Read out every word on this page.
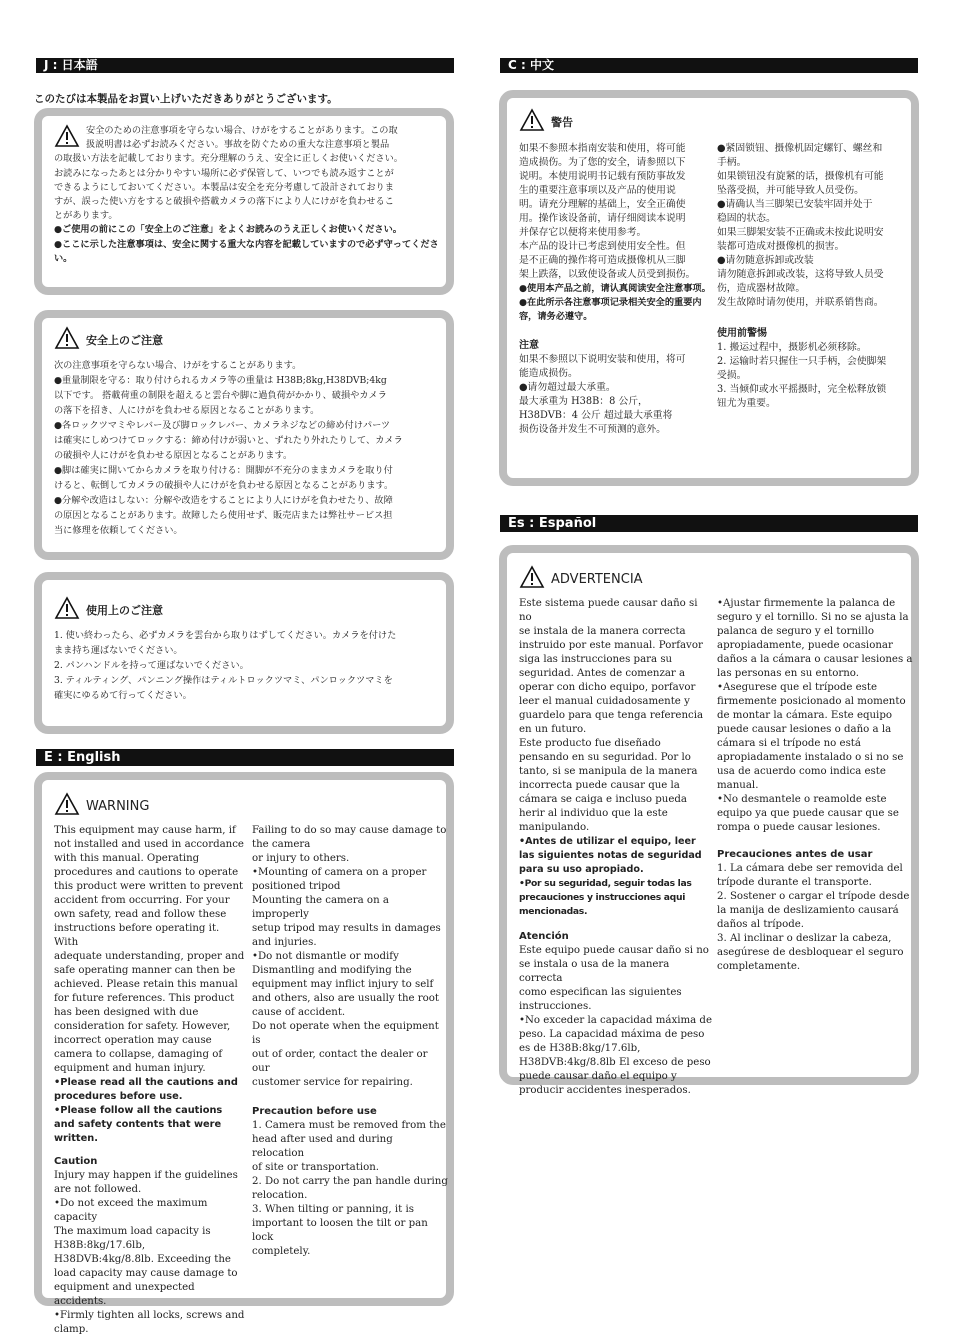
J : 日本語
このたびは本製品をお買い上げいただきありがとうございます。
安全のための注意事項を守らない場合、けがをすることがあります。この取
扱説明書は必ずお読みください。事故を防ぐための重大な注意事項と製品
の取扱い方法を記載しております。充分理解のうえ、安全に正しくお使いください。
お読みになったあとは分かりやすい場所に必ず保管して、いつでも読み返すことが
できるようにしておいてください。本製品は安全を充分考慮して設計されておりま
すが、誤った使い方をすると破損や搭載カメラの落下により人にけがを負わせるこ
とがあります。
●ご使用の前にこの「安全上のご注意」をよくお読みのうえ正しくお使いください。
●ここに示した注意事項は、安全に関する重大な内容を記載していますので必ず守ってください。
安全上のご注意
次の注意事項を守らない場合、けがをすることがあります。
●重量制限を守る：取り付けられるカメラ等の重量は H38B;8kg,H38DVB;4kg
以下です。 搭載荷重の制限を超えると雲台や脚に過負荷がかかり、破損やカメラ
の落下を招き、人にけがを負わせる原因となることがあります。
●各ロックツマミやレバー及び脚ロックレバー、カメラネジなどの締め付けパーツ
は確実にしめつけてロックする：締め付けが弱いと、ずれたり外れたりして、カメラ
の破損や人にけがを負わせる原因となることがあります。
●脚は確実に開いてからカメラを取り付ける：開脚が不充分のままカメラを取り付
けると、転倒してカメラの破損や人にけがを負わせる原因となることがあります。
●分解や改造はしない：分解や改造をすることにより人にけがを負わせたり、故障
の原因となることがあります。故障したら使用せず、販売店または弊社サービス担
当に修理を依頼してください。
使用上のご注意
1. 使い終わったら、必ずカメラを雲台から取りはずしてください。カメラを付けた
まま持ち運ばないでください。
2. パンハンドルを持って運ばないでください。
3. ティルティング、パンニング操作はティルトロックツマミ、パンロックツマミを
確実にゆるめて行ってください。
E : English
WARNING
This equipment may cause harm, if
not installed and used in accordance
with this manual. Operating
procedures and cautions to operate
this product were written to prevent
accident from occurring. For your
own safety, read and follow these
instructions before operating it. With
adequate understanding, proper and
safe operating manner can then be
achieved. Please retain this manual
for future references. This product
has been designed with due
consideration for safety. However,
incorrect operation may cause
camera to collapse, damaging of
equipment and human injury.
•Please read all the cautions and procedures before use.
•Please follow all the cautions and safety contents that were written.
Caution
Injury may happen if the guidelines
are not followed.
•Do not exceed the maximum
capacity
The maximum load capacity is
H38B:8kg/17.6lb,
H38DVB:4kg/8.8lb. Exceeding the
load capacity may cause damage to
equipment and unexpected accidents.
•Firmly tighten all locks, screws and
clamp.
Failing to do so may cause damage to
the camera
or injury to others.
•Mounting of camera on a proper
positioned tripod
Mounting the camera on a improperly
setup tripod may results in damages
and injuries.
•Do not dismantle or modify
Dismantling and modifying the
equipment may inflict injury to self
and others, also are usually the root
cause of accident.
Do not operate when the equipment is
out of order, contact the dealer or our
customer service for repairing.
Precaution before use
1. Camera must be removed from the
head after used and during relocation
of site or transportation.
2. Do not carry the pan handle during
relocation.
3. When tilting or panning, it is
important to loosen the tilt or pan lock
completely.
C : 中文
警告
如果不参照本指南安装和使用，将可能
造成损伤。为了您的安全，请参照以下
说明。本使用说明书记载有预防事故发
生的重要注意事项以及产品的使用说
明。请充分理解的基础上，安全正确使
用。操作该设备前，请仔细阅读本说明
并保存它以便将来使用参考。
本产品的设计已考虑到使用安全性。但
是不正确的操作将可造成摄像机从三脚
架上跌落，以致使设备或人员受到损伤。
●使用本产品之前，请认真阅读安全注意事项。
●在此所示各注意事项记录相关安全的重要内容，请务必遵守。
注意
如果不参照以下说明安装和使用，将可
能造成损伤。
●请勿超过最大承重。
最大承重为 H38B：8 公斤，
H38DVB：4 公斤 超过最大承重将
损伤设备并发生不可预测的意外。
●紧固锁钮、摄像机固定螺钉、螺丝和
手柄。
如果锁钮没有旋紧的话，摄像机有可能
坠落受损，并可能导致人员受伤。
●请确认当三脚架已安装牢固并处于
稳固的状态。
如果三脚架安装不正确或未按此说明安
装都可造成对摄像机的损害。
●请勿随意拆卸或改装
请勿随意拆卸或改装，这将导致人员受
伤，造成器材故障。
发生故障时请勿使用，并联系销售商。
使用前警惕
1. 搬运过程中，摄影机必须移除。
2. 运输时若只握住一只手柄，会使脚架
受损。
3. 当倾仰或水平摇摄时，完全松释放锁
钮尤为重要。
Es : Español
ADVERTENCIA
Este sistema puede causar daño si no
se instala de la manera correcta
instruido por este manual. Porfavor
siga las instrucciones para su
seguridad. Antes de comenzar a
operar con dicho equipo, porfavor
leer el manual cuidadosamente y
guardelo para que tenga referencia
en un futuro.
Este producto fue diseñado
pensando en su seguridad. Por lo
tanto, si se manipula de la manera
incorrecta puede causar que la
cámara se caiga e incluso pueda
herir al individuo que la este
manipulando.
•Antes de utilizar el equipo, leer las siguientes notas de seguridad para su uso apropiado.
•Por su seguridad, seguir todas las precauciones y instrucciones aqui mencionadas.
Atención
Este equipo puede causar daño si no
se instala o usa de la manera correcta
como especifican las siguientes
instrucciones.
•No exceder la capacidad máxima de
peso. La capacidad máxima de peso
es de H38B:8kg/17.6lb,
H38DVB:4kg/8.8lb El exceso de peso
puede causar daño el equipo y
producir accidentes inesperados.
•Ajustar firmemente la palanca de
seguro y el tornillo. Si no se ajusta la
palanca de seguro y el tornillo
apropiadamente, puede ocasionar
daños a la cámara o causar lesiones a
las personas en su entorno.
•Asegurese que el trípode este
firmemente posicionado al momento
de montar la cámara. Este equipo
puede causar lesiones o daño a la
cámara si el trípode no está
apropiadamente instalado o si no se
usa de acuerdo como indica este
manual.
•No desmantele o reamolde este
equipo ya que puede causar que se
rompa o puede causar lesiones.
Precauciones antes de usar
1. La cámara debe ser removida del
trípode durante el transporte.
2. Sostener o cargar el trípode desde
la manija de deslizamiento causará
daños al trípode.
3. Al inclinar o deslizar la cabeza,
asegúrese de desbloquear el seguro
completamente.
